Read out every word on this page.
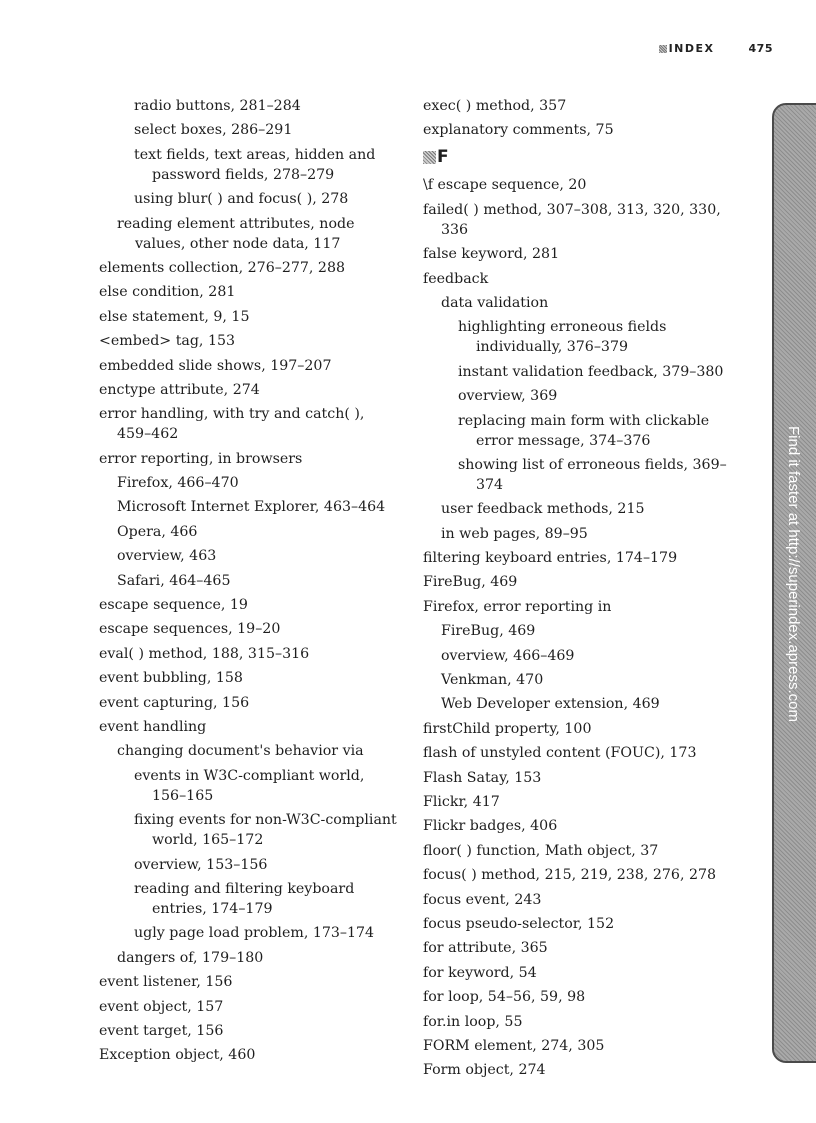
INDEX	475
radio buttons, 281–284
select boxes, 286–291
text fields, text areas, hidden and password fields, 278–279
using blur( ) and focus( ), 278
reading element attributes, node values, other node data, 117
elements collection, 276–277, 288
else condition, 281
else statement, 9, 15
<embed> tag, 153
embedded slide shows, 197–207
enctype attribute, 274
error handling, with try and catch( ), 459–462
error reporting, in browsers
Firefox, 466–470
Microsoft Internet Explorer, 463–464
Opera, 466
overview, 463
Safari, 464–465
escape sequence, 19
escape sequences, 19–20
eval( ) method, 188, 315–316
event bubbling, 158
event capturing, 156
event handling
changing document's behavior via
events in W3C-compliant world, 156–165
fixing events for non-W3C-compliant world, 165–172
overview, 153–156
reading and filtering keyboard entries, 174–179
ugly page load problem, 173–174
dangers of, 179–180
event listener, 156
event object, 157
event target, 156
Exception object, 460
exec( ) method, 357
explanatory comments, 75
F
\f escape sequence, 20
failed( ) method, 307–308, 313, 320, 330, 336
false keyword, 281
feedback
data validation
highlighting erroneous fields individually, 376–379
instant validation feedback, 379–380
overview, 369
replacing main form with clickable error message, 374–376
showing list of erroneous fields, 369–374
user feedback methods, 215
in web pages, 89–95
filtering keyboard entries, 174–179
FireBug, 469
Firefox, error reporting in
FireBug, 469
overview, 466–469
Venkman, 470
Web Developer extension, 469
firstChild property, 100
flash of unstyled content (FOUC), 173
Flash Satay, 153
Flickr, 417
Flickr badges, 406
floor( ) function, Math object, 37
focus( ) method, 215, 219, 238, 276, 278
focus event, 243
focus pseudo-selector, 152
for attribute, 365
for keyword, 54
for loop, 54–56, 59, 98
for.in loop, 55
FORM element, 274, 305
Form object, 274
Find it faster at http://superindex.apress.com
